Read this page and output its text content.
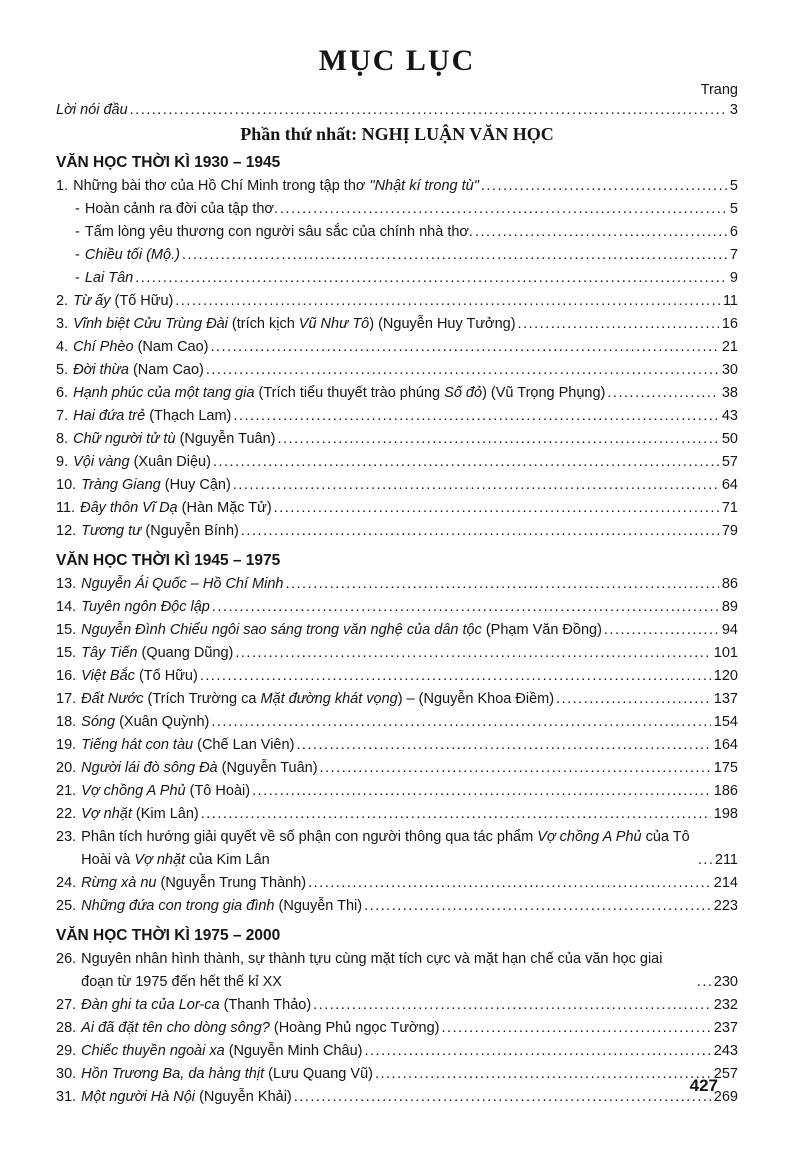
MỤC LỤC
Trang
Lời nói đầu .....	3
Phần thứ nhất: NGHỊ LUẬN VĂN HỌC
VĂN HỌC THỜI KÌ 1930 – 1945
1. Những bài thơ của Hồ Chí Minh trong tập thơ "Nhật kí trong tù" .....	5
- Hoàn cảnh ra đời của tập thơ. .....	5
- Tấm lòng yêu thương con người sâu sắc của chính nhà thơ. .....	6
- Chiều tối (Mộ.) .....	7
- Lai Tân .....	9
2. Từ ấy (Tố Hữu) .....	11
3. Vĩnh biệt Cửu Trùng Đài (trích kịch Vũ Như Tô) (Nguyễn Huy Tưởng) .....	16
4. Chí Phèo (Nam Cao) .....	21
5. Đời thừa (Nam Cao) .....	30
6. Hạnh phúc của một tang gia (Trích tiểu thuyết trào phúng Số đỏ) (Vũ Trọng Phụng) .....	38
7. Hai đứa trẻ (Thạch Lam) .....	43
8. Chữ người tử tù (Nguyễn Tuân) .....	50
9. Vội vàng (Xuân Diệu) .....	57
10. Tràng Giang (Huy Cận) .....	64
11. Đây thôn Vĩ Dạ (Hàn Mặc Tử) .....	71
12. Tương tư (Nguyễn Bính) .....	79
VĂN HỌC THỜI KÌ 1945 – 1975
13. Nguyễn Ái Quốc – Hồ Chí Minh .....	86
14. Tuyên ngôn Độc lập .....	89
15. Nguyễn Đình Chiểu ngôi sao sáng trong văn nghệ của dân tộc (Phạm Văn Đồng) .....	94
15. Tây Tiến (Quang Dũng) .....	101
16. Việt Bắc (Tố Hữu) .....	120
17. Đất Nước (Trích Trường ca Mặt đường khát vọng) – (Nguyễn Khoa Điềm) .....	137
18. Sóng (Xuân Quỳnh) .....	154
19. Tiếng hát con tàu (Chế Lan Viên) .....	164
20. Người lái đò sông Đà (Nguyễn Tuân) .....	175
21. Vợ chồng A Phủ (Tô Hoài) .....	186
22. Vợ nhặt (Kim Lân) .....	198
23. Phân tích hướng giải quyết về số phận con người thông qua tác phẩm Vợ chồng A Phủ của Tô Hoài và Vợ nhặt của Kim Lân .....	211
24. Rừng xà nu (Nguyễn Trung Thành) .....	214
25. Những đứa con trong gia đình (Nguyễn Thi) .....	223
VĂN HỌC THỜI KÌ 1975 – 2000
26. Nguyên nhân hình thành, sự thành tựu cùng mặt tích cực và mặt hạn chế của văn học giai đoạn từ 1975 đến hết thế kỉ XX .....	230
27. Đàn ghi ta của Lor-ca (Thanh Thảo) .....	232
28. Ai đã đặt tên cho dòng sông? (Hoàng Phủ ngọc Tường) .....	237
29. Chiếc thuyền ngoài xa (Nguyễn Minh Châu) .....	243
30. Hồn Trương Ba, da hàng thịt (Lưu Quang Vũ) .....	257
31. Một người Hà Nội (Nguyễn Khải) .....	269
427
